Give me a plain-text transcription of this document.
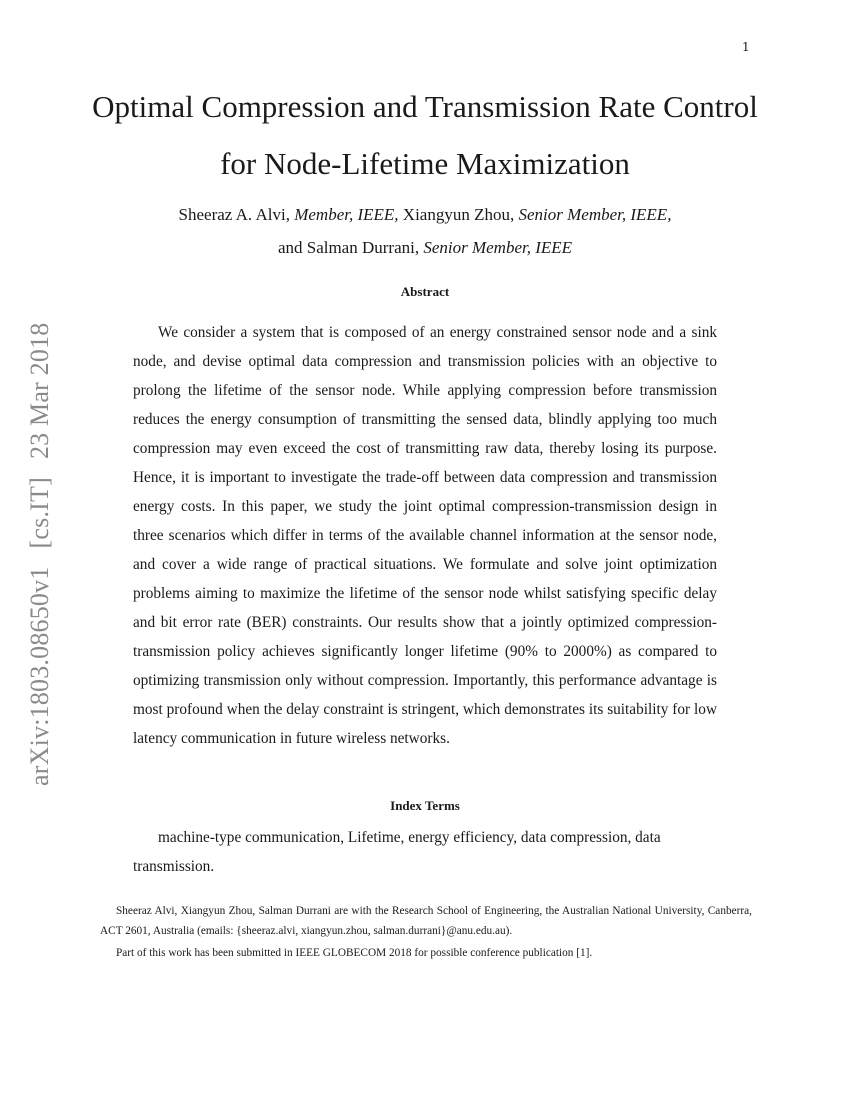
1
arXiv:1803.08650v1[cs.IT]23 Mar 2018
Optimal Compression and Transmission Rate Control for Node-Lifetime Maximization
Sheeraz A. Alvi, Member, IEEE, Xiangyun Zhou, Senior Member, IEEE,
and Salman Durrani, Senior Member, IEEE
Abstract

We consider a system that is composed of an energy constrained sensor node and a sink node, and devise optimal data compression and transmission policies with an objective to prolong the lifetime of the sensor node. While applying compression before transmission reduces the energy consumption of transmitting the sensed data, blindly applying too much compression may even exceed the cost of transmitting raw data, thereby losing its purpose. Hence, it is important to investigate the trade-off between data compression and transmission energy costs. In this paper, we study the joint optimal compression-transmission design in three scenarios which differ in terms of the available channel information at the sensor node, and cover a wide range of practical situations. We formulate and solve joint optimization problems aiming to maximize the lifetime of the sensor node whilst satisfying specific delay and bit error rate (BER) constraints. Our results show that a jointly optimized compression-transmission policy achieves significantly longer lifetime (90% to 2000%) as compared to optimizing transmission only without compression. Importantly, this performance advantage is most profound when the delay constraint is stringent, which demonstrates its suitability for low latency communication in future wireless networks.

Index Terms

machine-type communication, Lifetime, energy efficiency, data compression, data transmission.

Sheeraz Alvi, Xiangyun Zhou, Salman Durrani are with the Research School of Engineering, the Australian National University, Canberra, ACT 2601, Australia (emails: {sheeraz.alvi, xiangyun.zhou, salman.durrani}@anu.edu.au).

Part of this work has been submitted in IEEE GLOBECOM 2018 for possible conference publication [1].
